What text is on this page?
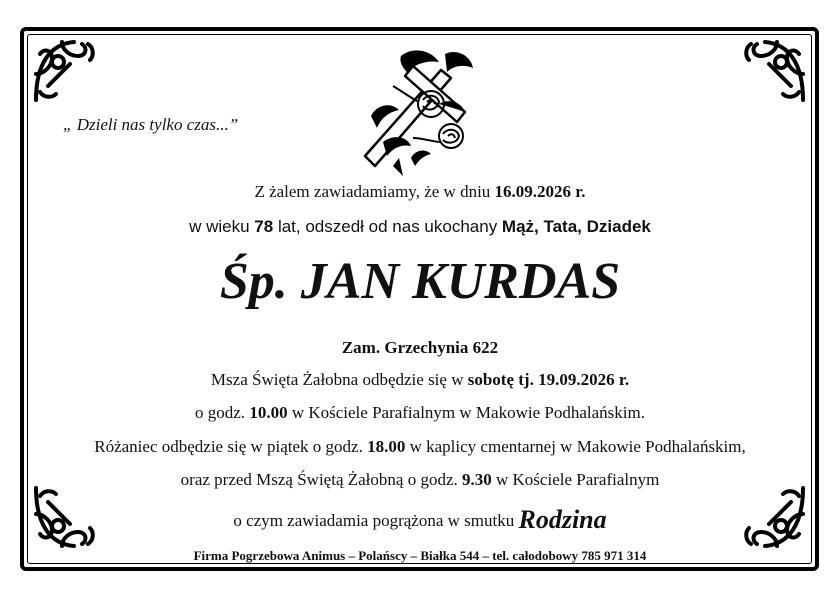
„ Dzieli nas tylko czas...”
Z żalem zawiadamiamy, że w dniu 16.09.2026 r.
w wieku 78 lat, odszedł od nas ukochany Mąż, Tata, Dziadek
Śp. JAN KURDAS
Zam. Grzechynia 622
Msza Święta Żałobna odbędzie się w sobotę tj. 19.09.2026 r.
o godz. 10.00 w Kościele Parafialnym w Makowie Podhalańskim.
Różaniec odbędzie się w piątek o godz. 18.00 w kaplicy cmentarnej w Makowie Podhalańskim,
oraz przed Mszą Świętą Żałobną o godz. 9.30 w Kościele Parafialnym
o czym zawiadamia pogrążona w smutku Rodzina
Firma Pogrzebowa Animus – Polańscy – Białka 544 – tel. całodobowy 785 971 314
